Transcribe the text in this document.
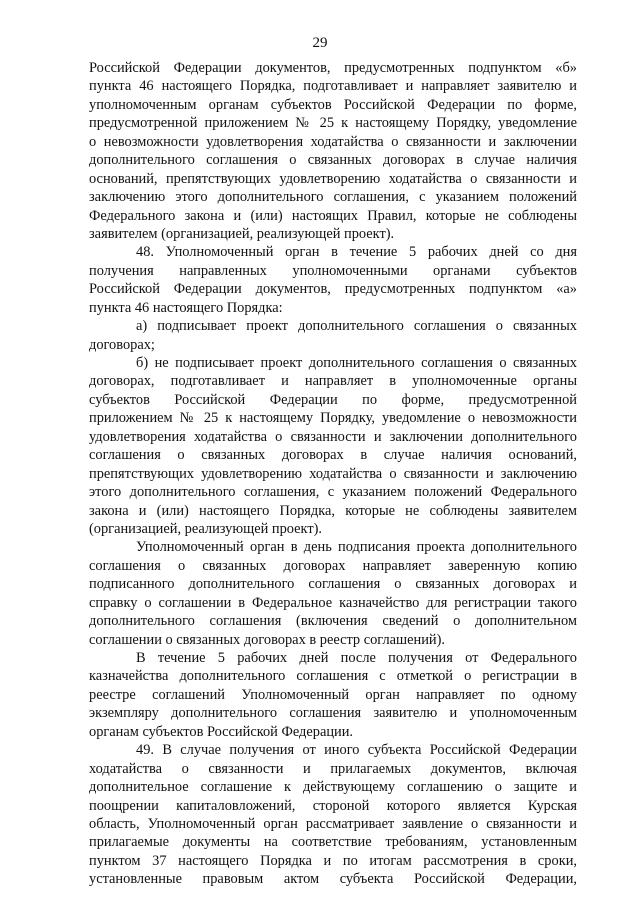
29
Российской Федерации документов, предусмотренных подпунктом «б»
пункта 46 настоящего Порядка, подготавливает и направляет заявителю и
уполномоченным органам субъектов Российской Федерации по форме,
предусмотренной приложением № 25 к настоящему Порядку, уведомление
о невозможности удовлетворения ходатайства о связанности и заключении
дополнительного соглашения о связанных договорах в случае наличия
оснований, препятствующих удовлетворению ходатайства о связанности и
заключению этого дополнительного соглашения, с указанием положений
Федерального закона и (или) настоящих Правил, которые не соблюдены
заявителем (организацией, реализующей проект).
48. Уполномоченный орган в течение 5 рабочих дней со дня
получения направленных уполномоченными органами субъектов
Российской Федерации документов, предусмотренных подпунктом «а»
пункта 46 настоящего Порядка:
а) подписывает проект дополнительного соглашения о связанных
договорах;
б) не подписывает проект дополнительного соглашения о связанных
договорах, подготавливает и направляет в уполномоченные органы
субъектов Российской Федерации по форме, предусмотренной
приложением № 25 к настоящему Порядку, уведомление о невозможности
удовлетворения ходатайства о связанности и заключении дополнительного
соглашения о связанных договорах в случае наличия оснований,
препятствующих удовлетворению ходатайства о связанности и заключению
этого дополнительного соглашения, с указанием положений Федерального
закона и (или) настоящего Порядка, которые не соблюдены заявителем
(организацией, реализующей проект).
Уполномоченный орган в день подписания проекта дополнительного
соглашения о связанных договорах направляет заверенную копию
подписанного дополнительного соглашения о связанных договорах и
справку о соглашении в Федеральное казначейство для регистрации такого
дополнительного соглашения (включения сведений о дополнительном
соглашении о связанных договорах в реестр соглашений).
В течение 5 рабочих дней после получения от Федерального
казначейства дополнительного соглашения с отметкой о регистрации в
реестре соглашений Уполномоченный орган направляет по одному
экземпляру дополнительного соглашения заявителю и уполномоченным
органам субъектов Российской Федерации.
49. В случае получения от иного субъекта Российской Федерации
ходатайства о связанности и прилагаемых документов, включая
дополнительное соглашение к действующему соглашению о защите и
поощрении капиталовложений, стороной которого является Курская
область, Уполномоченный орган рассматривает заявление о связанности и
прилагаемые документы на соответствие требованиям, установленным
пунктом 37 настоящего Порядка и по итогам рассмотрения в сроки,
установленные правовым актом субъекта Российской Федерации,
